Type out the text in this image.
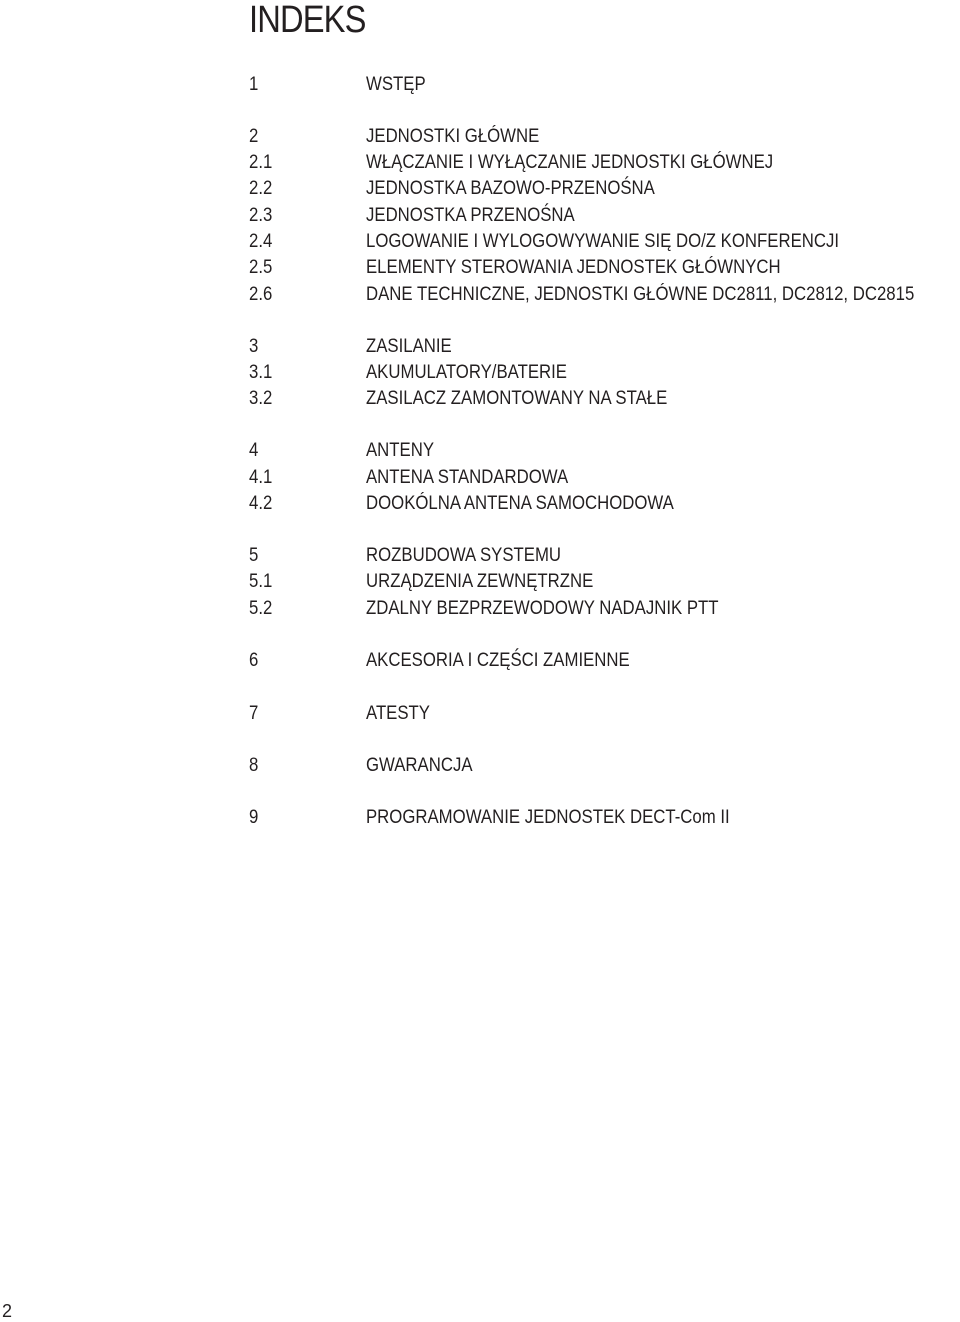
INDEKS
1	WSTĘP
2	JEDNOSTKI GŁÓWNE
2.1	WŁĄCZANIE I WYŁĄCZANIE JEDNOSTKI GŁÓWNEJ
2.2	JEDNOSTKA BAZOWO-PRZENOŚNA
2.3	JEDNOSTKA PRZENOŚNA
2.4	LOGOWANIE I WYLOGOWYWANIE SIĘ DO/Z KONFERENCJI
2.5	ELEMENTY STEROWANIA JEDNOSTEK GŁÓWNYCH
2.6	DANE TECHNICZNE, JEDNOSTKI GŁÓWNE DC2811, DC2812, DC2815
3	ZASILANIE
3.1	AKUMULATORY/BATERIE
3.2	ZASILACZ ZAMONTOWANY NA STAŁE
4	ANTENY
4.1	ANTENA STANDARDOWA
4.2	DOOKÓLNA ANTENA SAMOCHODOWA
5	ROZBUDOWA SYSTEMU
5.1	URZĄDZENIA ZEWNĘTRZNE
5.2	ZDALNY BEZPRZEWODOWY NADAJNIK PTT
6	AKCESORIA I CZĘŚCI ZAMIENNE
7	ATESTY
8	GWARANCJA
9	PROGRAMOWANIE JEDNOSTEK DECT-Com II
2
